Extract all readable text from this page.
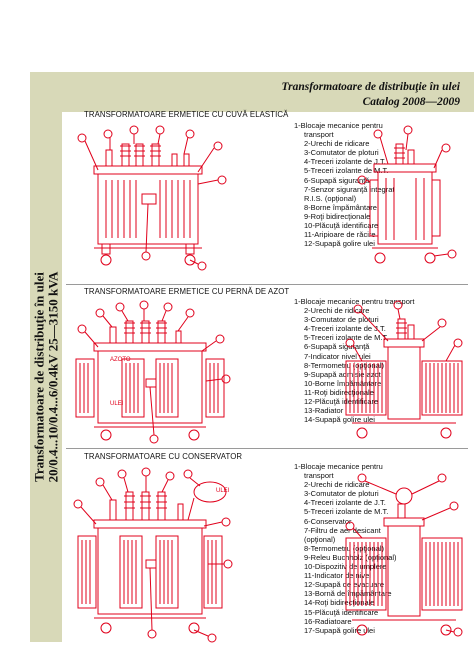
Transformatoare de distribuţie în ulei
Catalog 2008—2009
Transformatoare de distribuţie în ulei 20/0.4...10/0.4...6/0.4kV 25—3150 kVA
TRANSFORMATOARE ERMETICE CU CUVĂ ELASTICĂ
1-Blocaje mecanice pentru
transport
2-Urechi de ridicare
3-Comutator de ploturi
4-Treceri izolante de J.T.
5-Treceri izolante de M.T.
6-Supapă siguranţă
7-Senzor siguranţă integrat
R.I.S. (opţional)
8-Borne împământare
9-Roţi bidirecţionale
10-Plăcuţă identificare
11-Aripioare de răcire
12-Supapă golire ulei
TRANSFORMATOARE ERMETICE CU PERNĂ DE AZOT
1-Blocaje mecanice pentru transport
2-Urechi de ridicare
3-Comutator de ploturi
4-Treceri izolante de J.T.
5-Treceri izolante de M.T.
6-Supapă siguranţă
7-Indicator nivel ulei
8-Termometru (opţional)
9-Supapă admisie azot
10-Borne împământare
11-Roţi bidirecţionale
12-Plăcuţă identificare
13-Radiator
14-Supapă golire ulei
AZOTO
ULEI
TRANSFORMATOARE CU CONSERVATOR
1-Blocaje mecanice pentru
transport
2-Urechi de ridicare
3-Comutator de ploturi
4-Treceri izolante de J.T.
5-Treceri izolante de M.T.
6-Conservator
7-Filtru de aer desicant
(opţional)
8-Termometru (opţional)
9-Releu Buchholz (opţional)
10-Dispozitiv de umplere
11-Indicator de nivel
12-Supapă de evacuare
13-Bornă de împământare
14-Roţi bidirecţionale
15-Plăcuţă identificare
16-Radiatoare
17-Supapă golire ulei
ULEI
